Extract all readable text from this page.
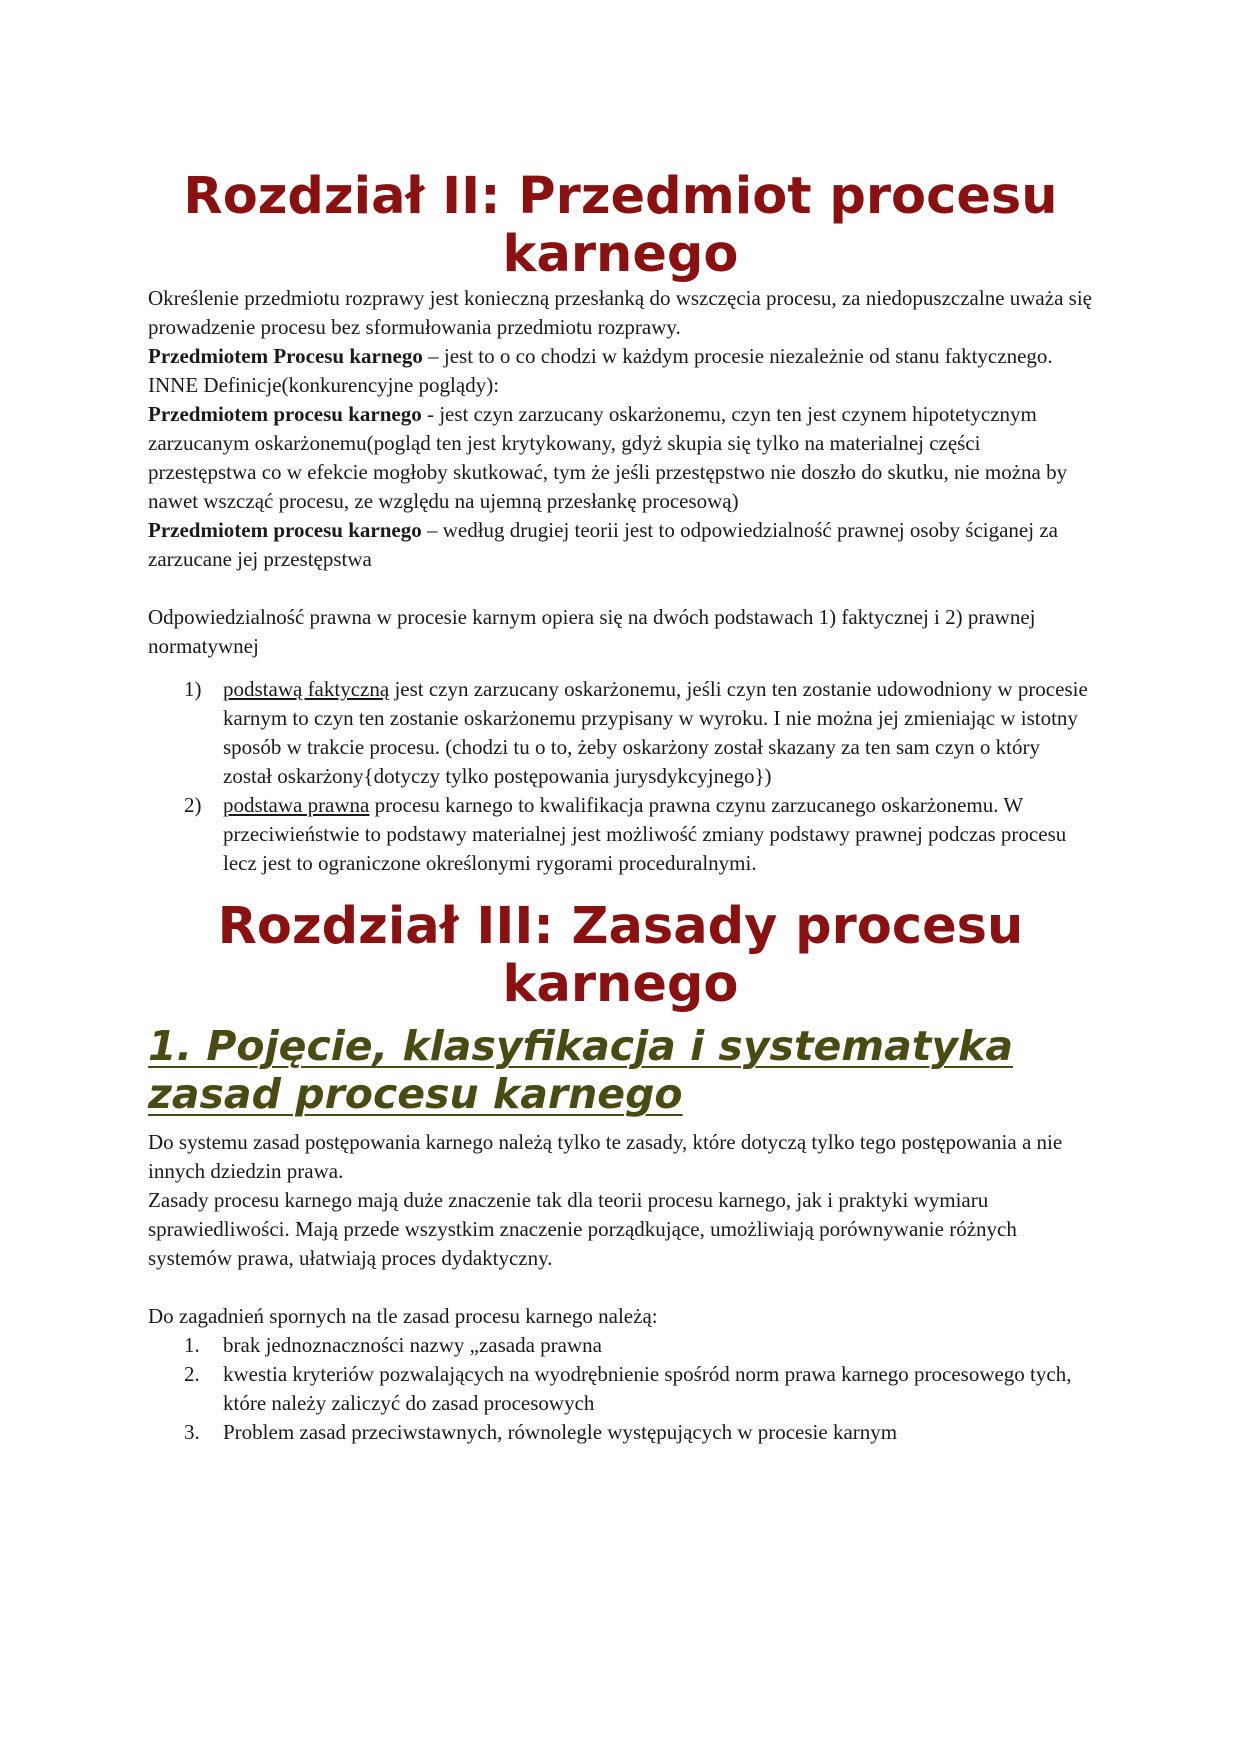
Rozdział II: Przedmiot procesu karnego

Określenie przedmiotu rozprawy jest konieczną przesłanką do wszczęcia procesu, za niedopuszczalne uważa się prowadzenie procesu bez sformułowania przedmiotu rozprawy.

Przedmiotem Procesu karnego – jest to o co chodzi w każdym procesie niezależnie od stanu faktycznego.

INNE Definicje(konkurencyjne poglądy):

Przedmiotem procesu karnego - jest czyn zarzucany oskarżonemu, czyn ten jest czynem hipotetycznym zarzucanym oskarżonemu(pogląd ten jest krytykowany, gdyż skupia się tylko na materialnej części przestępstwa co w efekcie mogłoby skutkować, tym że jeśli przestępstwo nie doszło do skutku, nie można by nawet wszcząć procesu, ze względu na ujemną przesłankę procesową)

Przedmiotem procesu karnego – według drugiej teorii jest to odpowiedzialność prawnej osoby ściganej za zarzucane jej przestępstwa

Odpowiedzialność prawna w procesie karnym opiera się na dwóch podstawach 1) faktycznej i 2) prawnej normatywnej

1) podstawą faktyczną jest czyn zarzucany oskarżonemu, jeśli czyn ten zostanie udowodniony w procesie karnym to czyn ten zostanie oskarżonemu przypisany w wyroku. I nie można jej zmieniając w istotny sposób w trakcie procesu. (chodzi tu o to, żeby oskarżony został skazany za ten sam czyn o który został oskarżony{dotyczy tylko postępowania jurysdykcyjnego})
2) podstawa prawna procesu karnego to kwalifikacja prawna czynu zarzucanego oskarżonemu. W przeciwieństwie to podstawy materialnej jest możliwość zmiany podstawy prawnej podczas procesu lecz jest to ograniczone określonymi rygorami proceduralnymi.
Rozdział III: Zasady procesu karnego
1. Pojęcie, klasyfikacja i systematyka zasad procesu karnego

Do systemu zasad postępowania karnego należą tylko te zasady, które dotyczą tylko tego postępowania a nie innych dziedzin prawa.

Zasady procesu karnego mają duże znaczenie tak dla teorii procesu karnego, jak i praktyki wymiaru sprawiedliwości. Mają przede wszystkim znaczenie porządkujące, umożliwiają porównywanie różnych systemów prawa, ułatwiają proces dydaktyczny.

Do zagadnień spornych na tle zasad procesu karnego należą:

1. brak jednoznaczności nazwy „zasada prawna
2. kwestia kryteriów pozwalających na wyodrębnienie spośród norm prawa karnego procesowego tych, które należy zaliczyć do zasad procesowych
3. Problem zasad przeciwstawnych, równolegle występujących w procesie karnym
